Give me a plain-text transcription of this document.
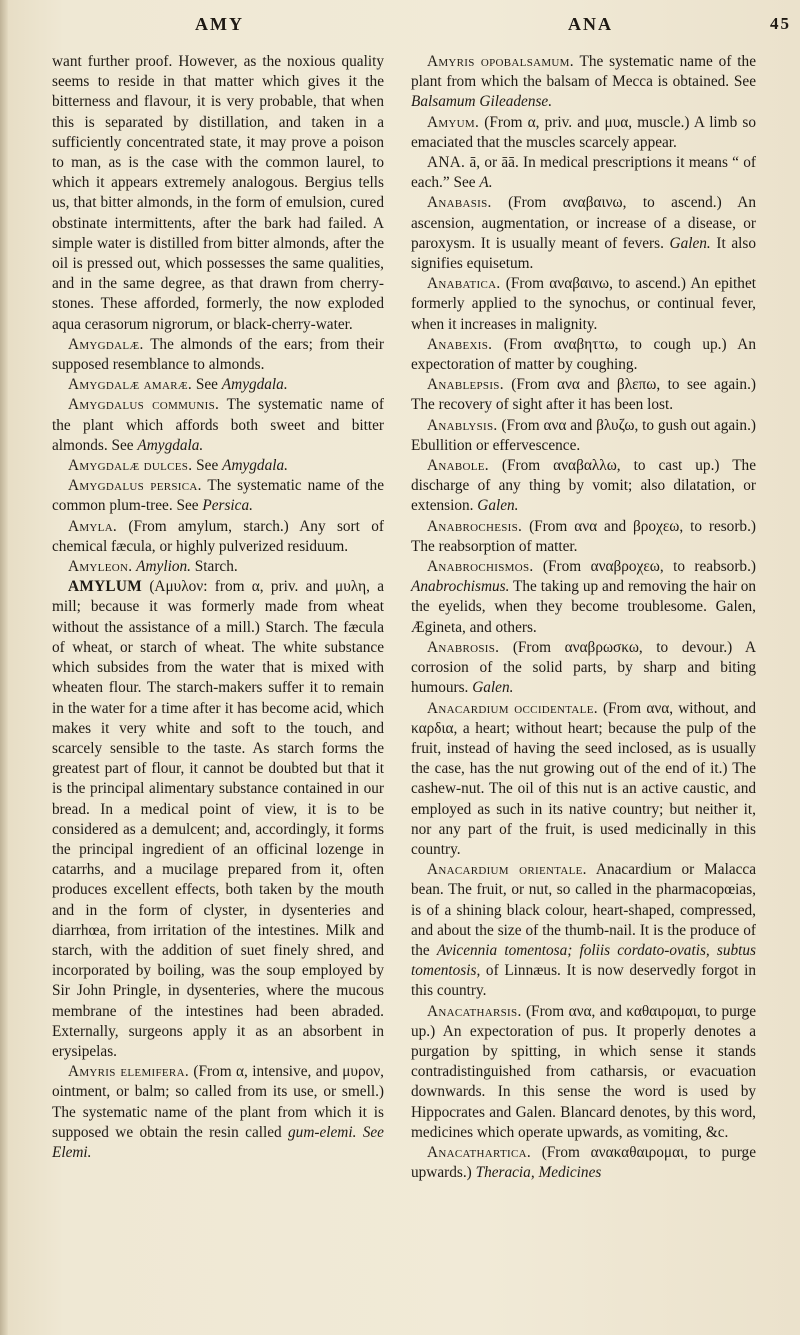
AMY	ANA	45

want further proof. However, as the noxious quality seems to reside in that matter which gives it the bitterness and flavour, it is very probable, that when this is separated by distillation, and taken in a sufficiently concentrated state, it may prove a poison to man, as is the case with the common laurel, to which it appears extremely analogous. Bergius tells us, that bitter almonds, in the form of emulsion, cured obstinate intermittents, after the bark had failed. A simple water is distilled from bitter almonds, after the oil is pressed out, which possesses the same qualities, and in the same degree, as that drawn from cherry-stones. These afforded, formerly, the now exploded aqua cerasorum nigrorum, or black-cherry-water.

Amygdalæ. The almonds of the ears; from their supposed resemblance to almonds.

Amygdalæ amaræ. See Amygdala.

Amygdalus communis. The systematic name of the plant which affords both sweet and bitter almonds. See Amygdala.

Amygdalæ dulces. See Amygdala.

Amygdalus persica. The systematic name of the common plum-tree. See Persica.

Amyla. (From amylum, starch.) Any sort of chemical fæcula, or highly pulverized residuum.

Amyleon. Amylion. Starch.

AMYLUM (Αμυλον: from α, priv. and μυλη, a mill; because it was formerly made from wheat without the assistance of a mill.) Starch. The fæcula of wheat, or starch of wheat. The white substance which subsides from the water that is mixed with wheaten flour. The starch-makers suffer it to remain in the water for a time after it has become acid, which makes it very white and soft to the touch, and scarcely sensible to the taste. As starch forms the greatest part of flour, it cannot be doubted but that it is the principal alimentary substance contained in our bread. In a medical point of view, it is to be considered as a demulcent; and, accordingly, it forms the principal ingredient of an officinal lozenge in catarrhs, and a mucilage prepared from it, often produces excellent effects, both taken by the mouth and in the form of clyster, in dysenteries and diarrhœa, from irritation of the intestines. Milk and starch, with the addition of suet finely shred, and incorporated by boiling, was the soup employed by Sir John Pringle, in dysenteries, where the mucous membrane of the intestines had been abraded. Externally, surgeons apply it as an absorbent in erysipelas.

Amyris elemifera. (From α, intensive, and μυρον, ointment, or balm; so called from its use, or smell.) The systematic name of the plant from which it is supposed we obtain the resin called gum-elemi. See Elemi.

Amyris opobalsamum. The systematic name of the plant from which the balsam of Mecca is obtained. See Balsamum Gileadense.

Amyum. (From α, priv. and μυα, muscle.) A limb so emaciated that the muscles scarcely appear.

ANA. ā, or āā. In medical prescriptions it means “ of each.” See A.

Anabasis. (From αναβαινω, to ascend.) An ascension, augmentation, or increase of a disease, or paroxysm. It is usually meant of fevers. Galen. It also signifies equisetum.

Anabatica. (From αναβαινω, to ascend.) An epithet formerly applied to the synochus, or continual fever, when it increases in malignity.

Anabexis. (From αναβηττω, to cough up.) An expectoration of matter by coughing.

Anablepsis. (From ανα and βλεπω, to see again.) The recovery of sight after it has been lost.

Anablysis. (From ανα and βλυζω, to gush out again.) Ebullition or effervescence.

Anabole. (From αναβαλλω, to cast up.) The discharge of any thing by vomit; also dilatation, or extension. Galen.

Anabrochesis. (From ανα and βροχεω, to resorb.) The reabsorption of matter.

Anabrochismos. (From αναβροχεω, to reabsorb.) Anabrochismus. The taking up and removing the hair on the eyelids, when they become troublesome. Galen, Ægineta, and others.

Anabrosis. (From αναβρωσκω, to devour.) A corrosion of the solid parts, by sharp and biting humours. Galen.

Anacardium occidentale. (From ανα, without, and καρδια, a heart; without heart; because the pulp of the fruit, instead of having the seed inclosed, as is usually the case, has the nut growing out of the end of it.) The cashew-nut. The oil of this nut is an active caustic, and employed as such in its native country; but neither it, nor any part of the fruit, is used medicinally in this country.

Anacardium orientale. Anacardium or Malacca bean. The fruit, or nut, so called in the pharmacopœias, is of a shining black colour, heart-shaped, compressed, and about the size of the thumb-nail. It is the produce of the Avicennia tomentosa; foliis cordato-ovatis, subtus tomentosis, of Linnæus. It is now deservedly forgot in this country.

Anacatharsis. (From ανα, and καθαιρομαι, to purge up.) An expectoration of pus. It properly denotes a purgation by spitting, in which sense it stands contradistinguished from catharsis, or evacuation downwards. In this sense the word is used by Hippocrates and Galen. Blancard denotes, by this word, medicines which operate upwards, as vomiting, &c.

Anacathartica. (From ανακαθαιρομαι, to purge upwards.) Theracia, Medicines
